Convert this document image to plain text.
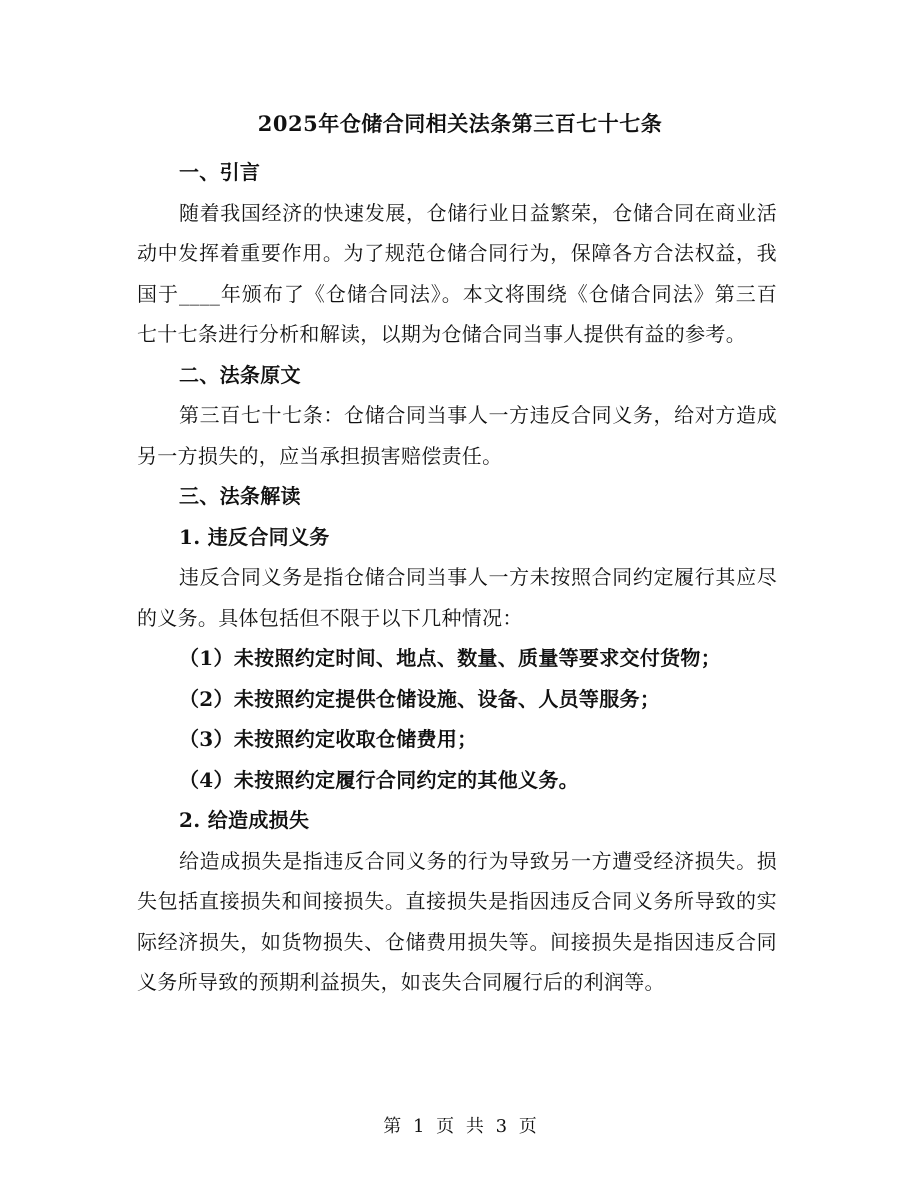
2025年仓储合同相关法条第三百七十七条

一、引言

随着我国经济的快速发展，仓储行业日益繁荣，仓储合同在商业活动中发挥着重要作用。为了规范仓储合同行为，保障各方合法权益，我国于____年颁布了《仓储合同法》。本文将围绕《仓储合同法》第三百七十七条进行分析和解读，以期为仓储合同当事人提供有益的参考。

二、法条原文

第三百七十七条：仓储合同当事人一方违反合同义务，给对方造成另一方损失的，应当承担损害赔偿责任。

三、法条解读

1. 违反合同义务

违反合同义务是指仓储合同当事人一方未按照合同约定履行其应尽的义务。具体包括但不限于以下几种情况：

（1）未按照约定时间、地点、数量、质量等要求交付货物；

（2）未按照约定提供仓储设施、设备、人员等服务；

（3）未按照约定收取仓储费用；

（4）未按照约定履行合同约定的其他义务。

2. 给造成损失

给造成损失是指违反合同义务的行为导致另一方遭受经济损失。损失包括直接损失和间接损失。直接损失是指因违反合同义务所导致的实际经济损失，如货物损失、仓储费用损失等。间接损失是指因违反合同义务所导致的预期利益损失，如丧失合同履行后的利润等。

第 1 页 共 3 页
